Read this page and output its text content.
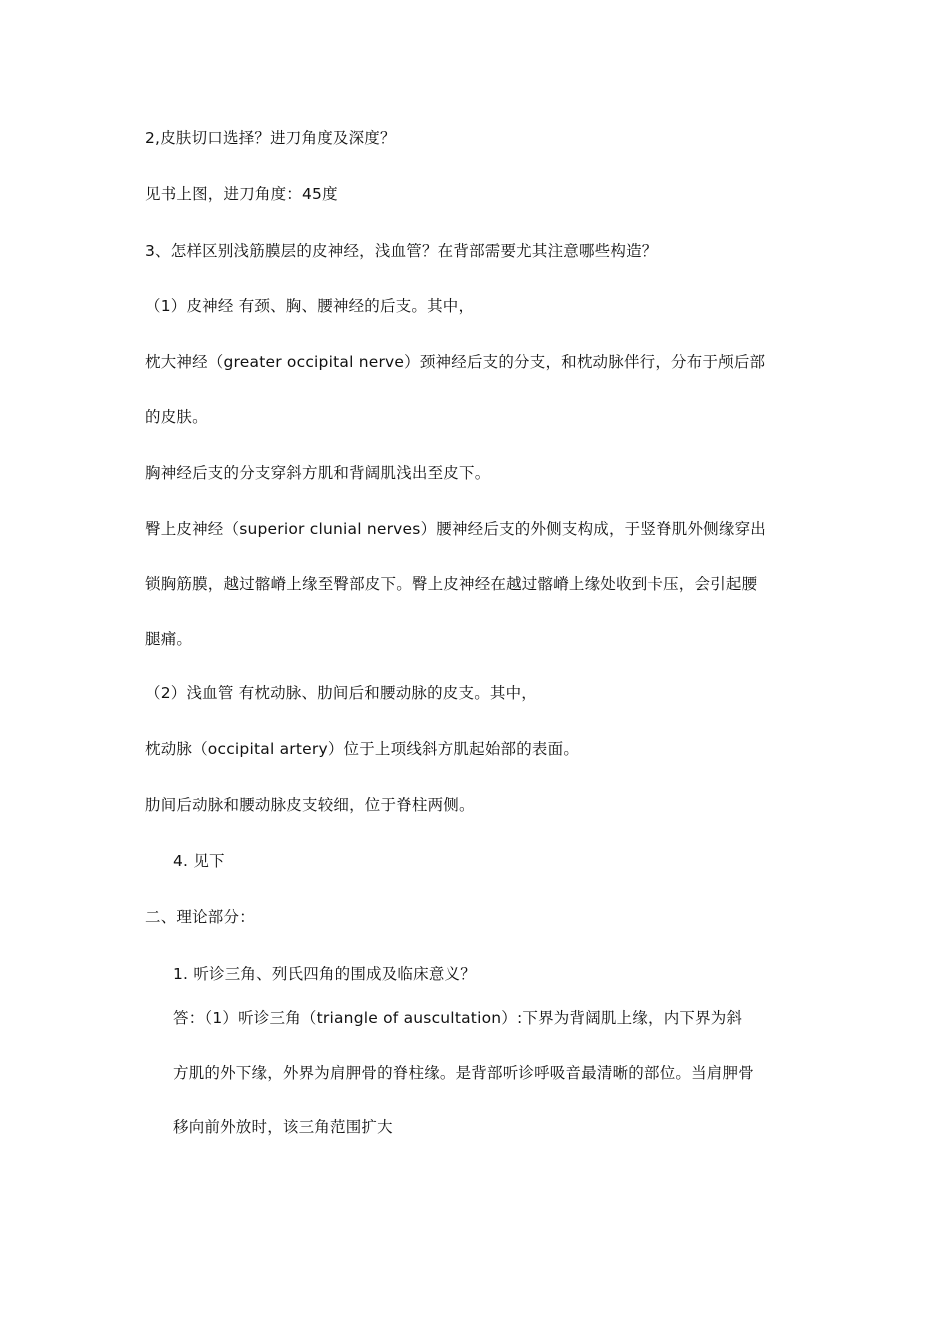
2,皮肤切口选择？进刀角度及深度？
见书上图，进刀角度：45度
3、怎样区别浅筋膜层的皮神经，浅血管？在背部需要尤其注意哪些构造？
（1）皮神经 有颈、胸、腰神经的后支。其中，
枕大神经（greater occipital nerve）颈神经后支的分支，和枕动脉伴行，分布于颅后部
的皮肤。
胸神经后支的分支穿斜方肌和背阔肌浅出至皮下。
臀上皮神经（superior clunial nerves）腰神经后支的外侧支构成，于竖脊肌外侧缘穿出
锁胸筋膜，越过髂嵴上缘至臀部皮下。臀上皮神经在越过髂嵴上缘处收到卡压，会引起腰
腿痛。
（2）浅血管 有枕动脉、肋间后和腰动脉的皮支。其中，
枕动脉（occipital artery）位于上项线斜方肌起始部的表面。
肋间后动脉和腰动脉皮支较细，位于脊柱两侧。
4. 见下
二、理论部分：
1. 听诊三角、列氏四角的围成及临床意义？
答：（1）听诊三角（triangle of auscultation）:下界为背阔肌上缘，内下界为斜
方肌的外下缘，外界为肩胛骨的脊柱缘。是背部听诊呼吸音最清晰的部位。当肩胛骨
移向前外放时，该三角范围扩大
